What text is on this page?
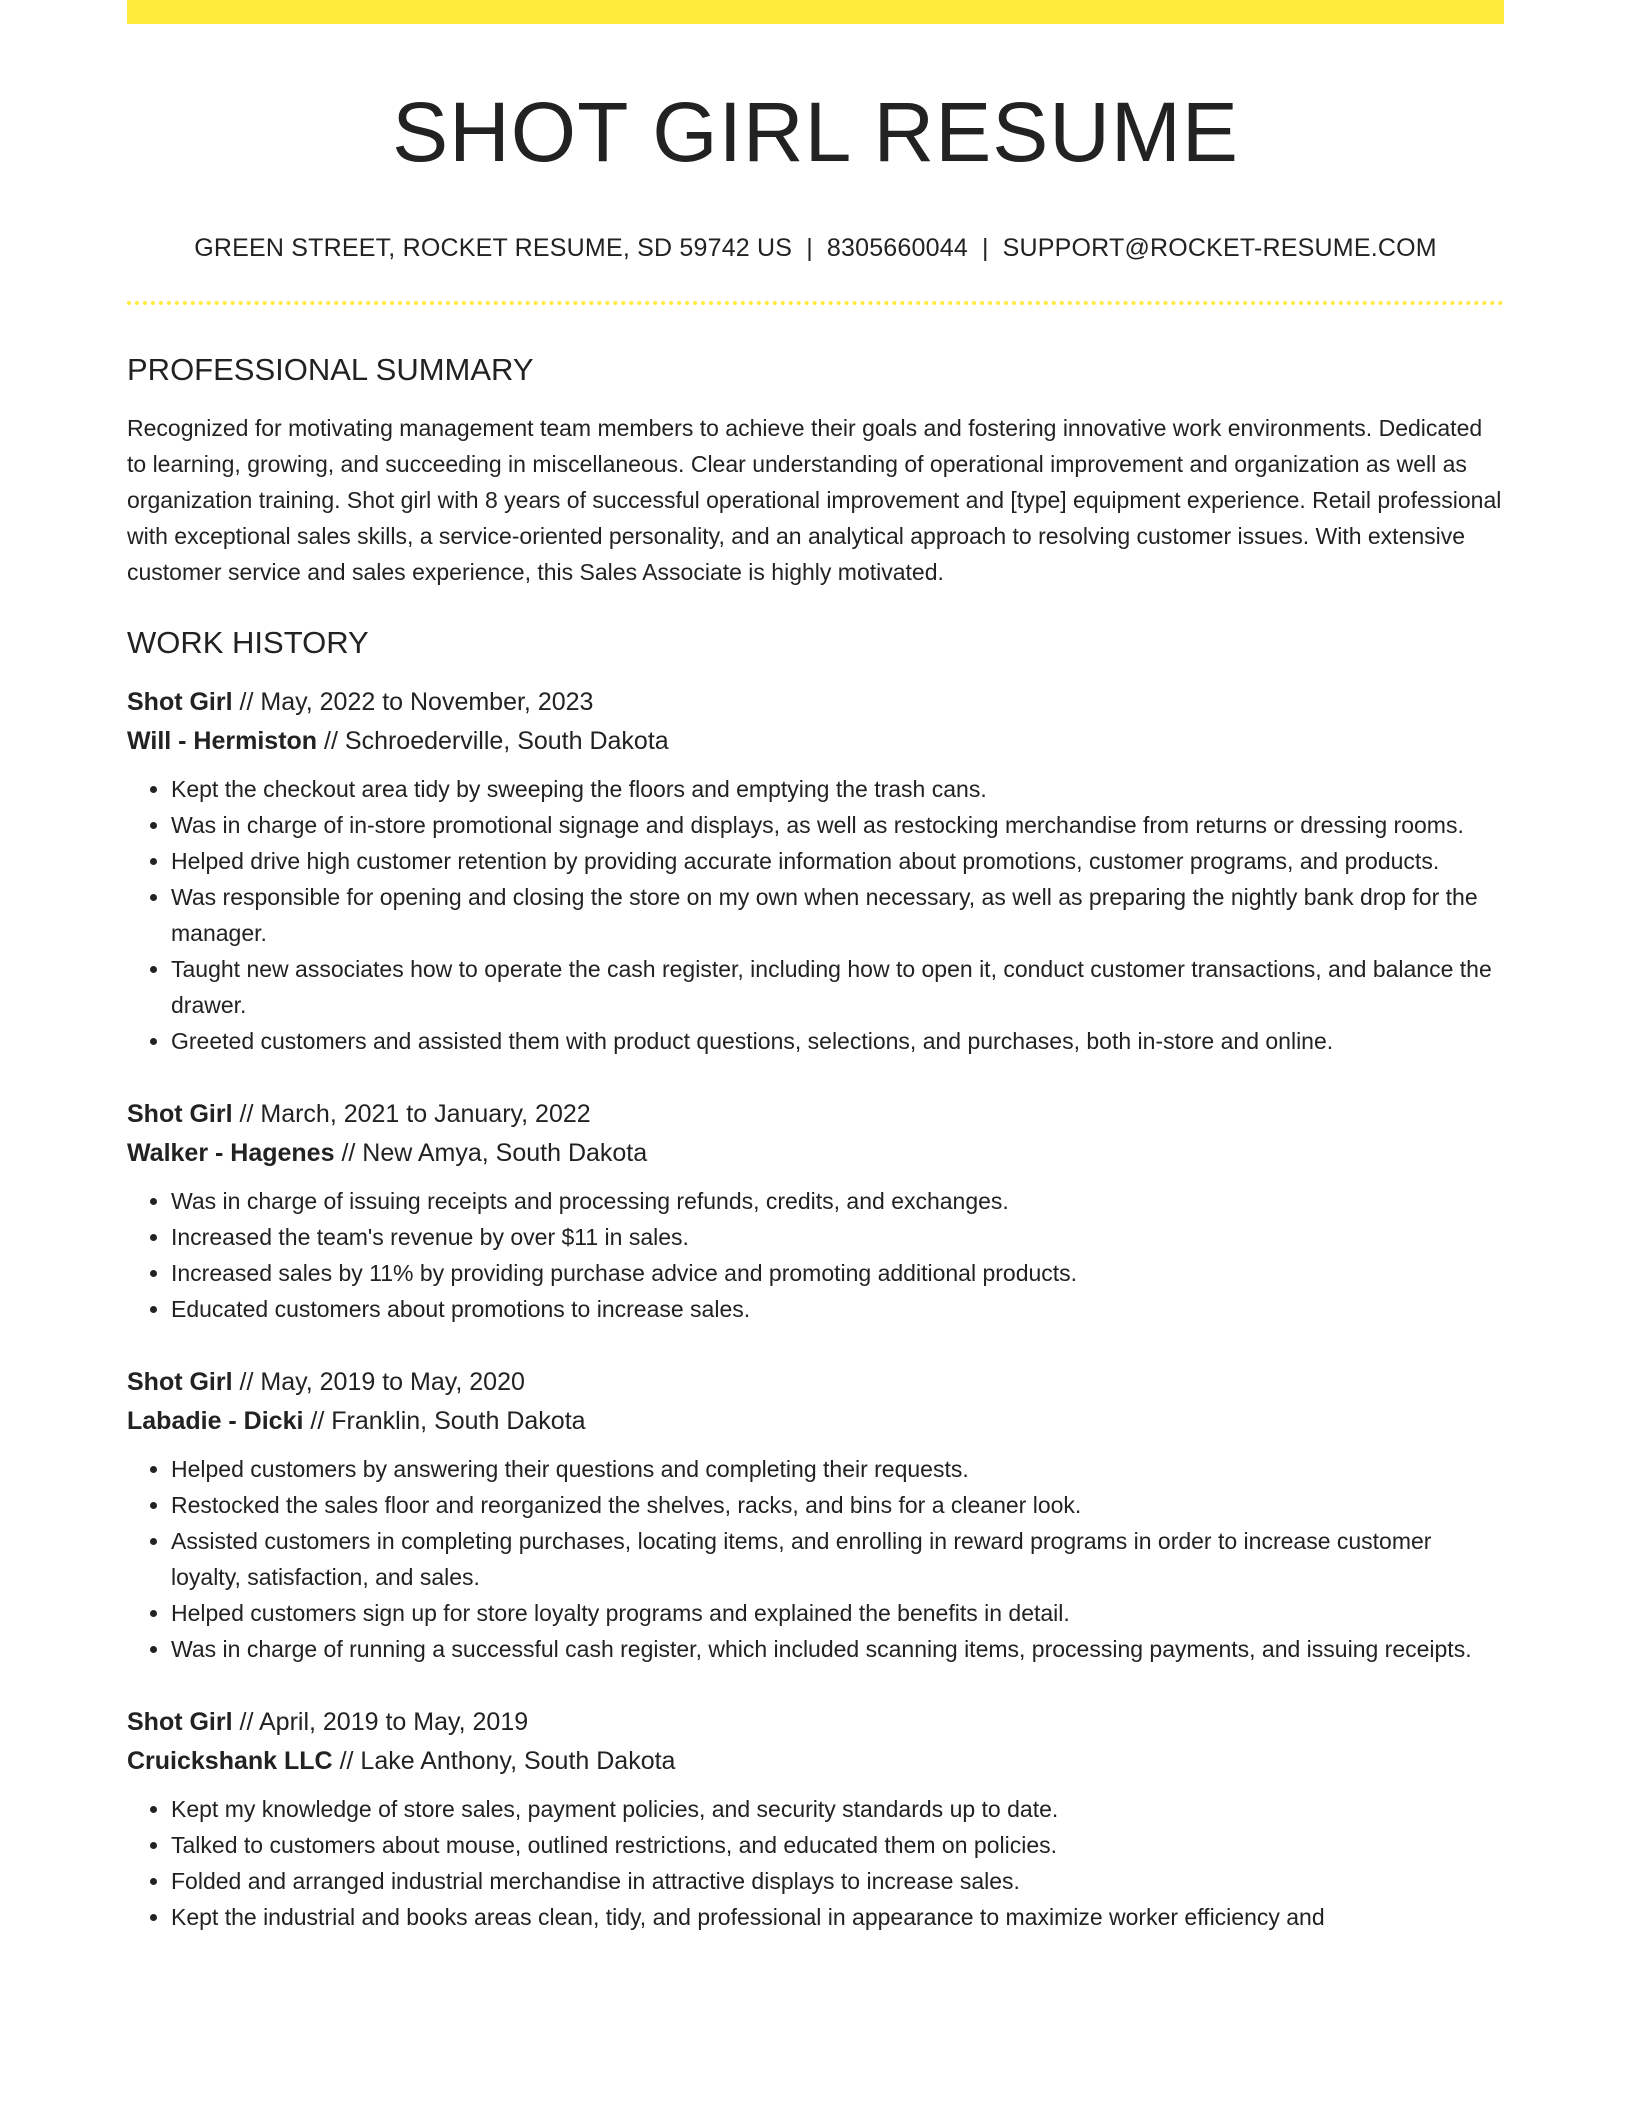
SHOT GIRL RESUME
GREEN STREET, ROCKET RESUME, SD 59742 US | 8305660044 | SUPPORT@ROCKET-RESUME.COM
PROFESSIONAL SUMMARY
Recognized for motivating management team members to achieve their goals and fostering innovative work environments. Dedicated to learning, growing, and succeeding in miscellaneous. Clear understanding of operational improvement and organization as well as organization training. Shot girl with 8 years of successful operational improvement and [type] equipment experience. Retail professional with exceptional sales skills, a service-oriented personality, and an analytical approach to resolving customer issues. With extensive customer service and sales experience, this Sales Associate is highly motivated.
WORK HISTORY
Shot Girl // May, 2022 to November, 2023
Will - Hermiston // Schroederville, South Dakota
• Kept the checkout area tidy by sweeping the floors and emptying the trash cans.
• Was in charge of in-store promotional signage and displays, as well as restocking merchandise from returns or dressing rooms.
• Helped drive high customer retention by providing accurate information about promotions, customer programs, and products.
• Was responsible for opening and closing the store on my own when necessary, as well as preparing the nightly bank drop for the manager.
• Taught new associates how to operate the cash register, including how to open it, conduct customer transactions, and balance the drawer.
• Greeted customers and assisted them with product questions, selections, and purchases, both in-store and online.
Shot Girl // March, 2021 to January, 2022
Walker - Hagenes // New Amya, South Dakota
• Was in charge of issuing receipts and processing refunds, credits, and exchanges.
• Increased the team's revenue by over $11 in sales.
• Increased sales by 11% by providing purchase advice and promoting additional products.
• Educated customers about promotions to increase sales.
Shot Girl // May, 2019 to May, 2020
Labadie - Dicki // Franklin, South Dakota
• Helped customers by answering their questions and completing their requests.
• Restocked the sales floor and reorganized the shelves, racks, and bins for a cleaner look.
• Assisted customers in completing purchases, locating items, and enrolling in reward programs in order to increase customer loyalty, satisfaction, and sales.
• Helped customers sign up for store loyalty programs and explained the benefits in detail.
• Was in charge of running a successful cash register, which included scanning items, processing payments, and issuing receipts.
Shot Girl // April, 2019 to May, 2019
Cruickshank LLC // Lake Anthony, South Dakota
• Kept my knowledge of store sales, payment policies, and security standards up to date.
• Talked to customers about mouse, outlined restrictions, and educated them on policies.
• Folded and arranged industrial merchandise in attractive displays to increase sales.
• Kept the industrial and books areas clean, tidy, and professional in appearance to maximize worker efficiency and
